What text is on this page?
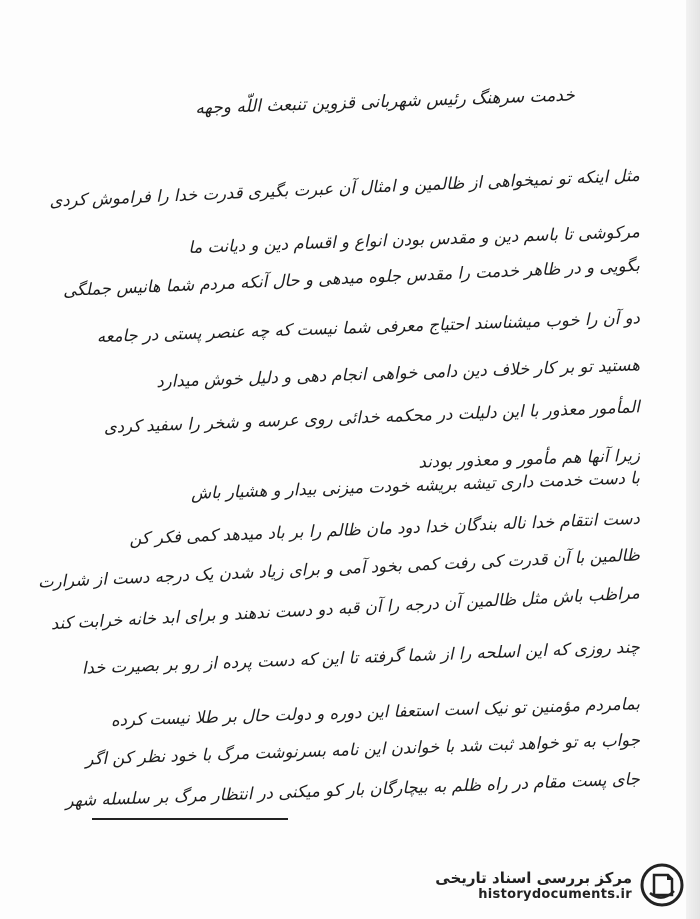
خدمت سرهنگ رئیس شهربانی قزوین تنبعث اللّه وجهه
مثل اینکه تو نمیخواهی از ظالمین و امثال آن عبرت بگیری قدرت خدا را فراموش کردی
مرکوشی تا باسم دین و مقدس بودن انواع و اقسام دین و دیانت ما
بگویی و در ظاهر خدمت را مقدس جلوه میدهی و حال آنکه مردم شما هانیس جملگی
دو آن را خوب میشناسند احتیاج معرفی شما نیست که چه عنصر پستی در جامعه
هستید تو بر کار خلاف دین دامی خواهی انجام دهی و دلیل خوش میدارد
المأمور معذور با این دلیلت در محکمه خدائی روی عرسه و شخر را سفید کردی
زیرا آنها هم مأمور و معذور بودند
با دست خدمت داری تیشه بریشه خودت میزنی بیدار و هشیار باش
دست انتقام خدا ناله بندگان خدا دود مان ظالم را بر باد میدهد کمی فکر کن
ظالمین با آن قدرت کی رفت کمی بخود آمی و برای زیاد شدن یک درجه دست از شرارت
مراظب باش مثل ظالمین آن درجه را آن قبه دو دست ندهند و برای ابد خانه خرابت کند
چند روزی که این اسلحه را از شما گرفته تا این که دست پرده از رو بر بصیرت خدا
بمامردم مؤمنین تو نیک است استعفا این دوره و دولت حال بر طلا نیست کرده
جواب به تو خواهد ثبت شد با خواندن این نامه بسرنوشت مرگ با خود نظر کن اگر
جای پست مقام در راه ظلم به بیچارگان بار کو میکنی در انتظار مرگ بر سلسله شهر
مرکز بررسی اسناد تاریخی
historydocuments.ir
